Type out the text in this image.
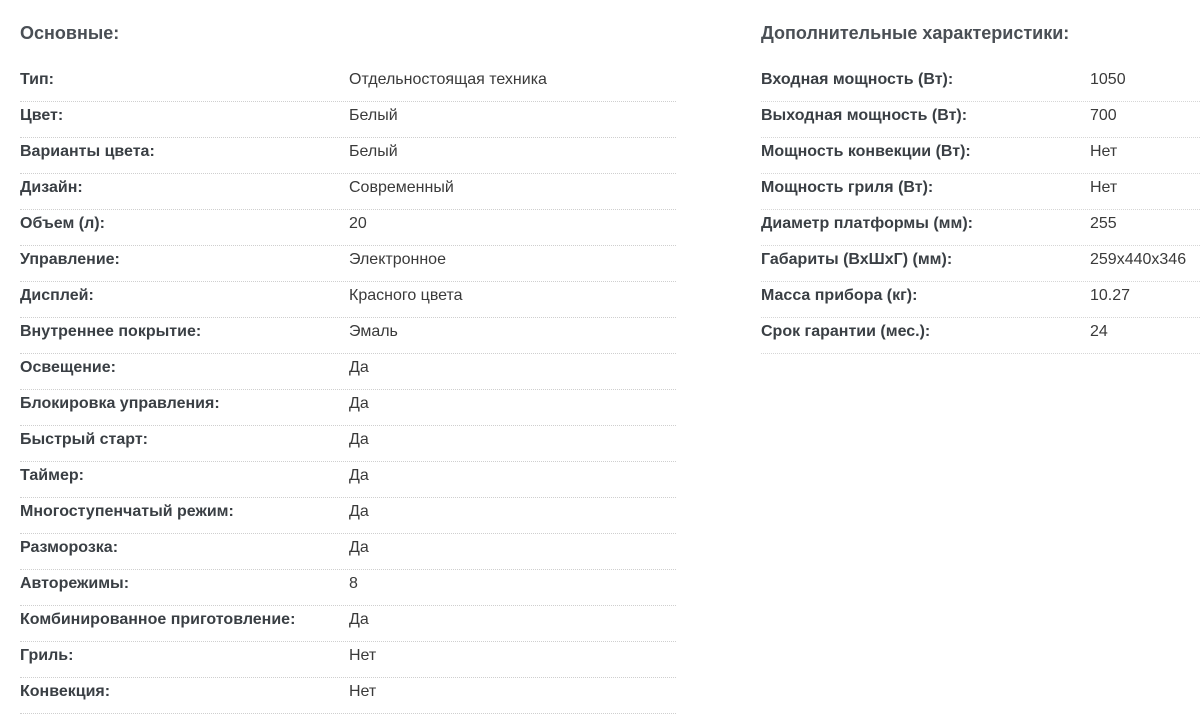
Основные:
Тип:	Отдельностоящая техника
Цвет:	Белый
Варианты цвета:	Белый
Дизайн:	Современный
Объем (л):	20
Управление:	Электронное
Дисплей:	Красного цвета
Внутреннее покрытие:	Эмаль
Освещение:	Да
Блокировка управления:	Да
Быстрый старт:	Да
Таймер:	Да
Многоступенчатый режим:	Да
Разморозка:	Да
Авторежимы:	8
Комбинированное приготовление:	Да
Гриль:	Нет
Конвекция:	Нет
Дополнительные характеристики:
Входная мощность (Вт):	1050
Выходная мощность (Вт):	700
Мощность конвекции (Вт):	Нет
Мощность гриля (Вт):	Нет
Диаметр платформы (мм):	255
Габариты (ВхШхГ) (мм):	259x440x346
Масса прибора (кг):	10.27
Срок гарантии (мес.):	24
